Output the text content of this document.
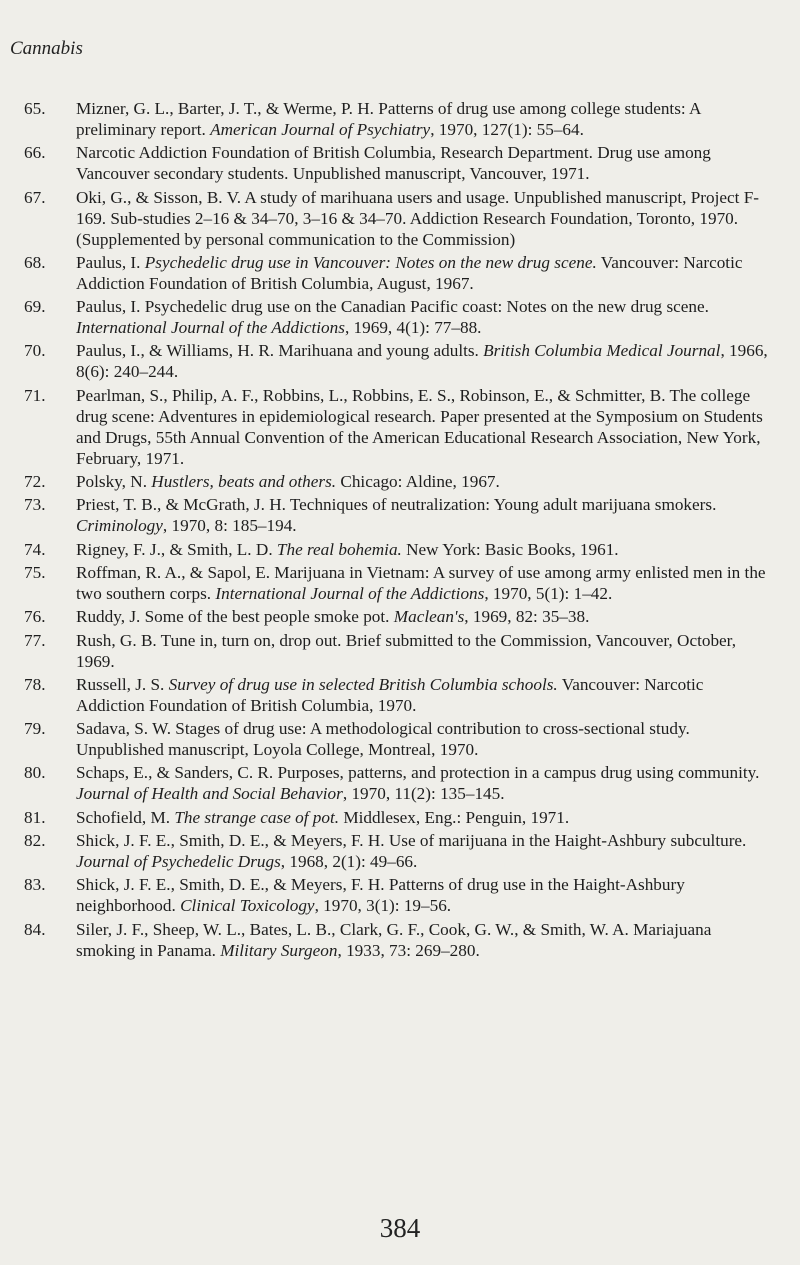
Cannabis
65.	Mizner, G. L., Barter, J. T., & Werme, P. H. Patterns of drug use among college students: A preliminary report. American Journal of Psychiatry, 1970, 127(1): 55–64.
66.	Narcotic Addiction Foundation of British Columbia, Research Department. Drug use among Vancouver secondary students. Unpublished manuscript, Vancouver, 1971.
67.	Oki, G., & Sisson, B. V. A study of marihuana users and usage. Unpublished manuscript, Project F-169. Sub-studies 2–16 & 34–70, 3–16 & 34–70. Addiction Research Foundation, Toronto, 1970. (Supplemented by personal communication to the Commission)
68.	Paulus, I. Psychedelic drug use in Vancouver: Notes on the new drug scene. Vancouver: Narcotic Addiction Foundation of British Columbia, August, 1967.
69.	Paulus, I. Psychedelic drug use on the Canadian Pacific coast: Notes on the new drug scene. International Journal of the Addictions, 1969, 4(1): 77–88.
70.	Paulus, I., & Williams, H. R. Marihuana and young adults. British Columbia Medical Journal, 1966, 8(6): 240–244.
71.	Pearlman, S., Philip, A. F., Robbins, L., Robbins, E. S., Robinson, E., & Schmitter, B. The college drug scene: Adventures in epidemiological research. Paper presented at the Symposium on Students and Drugs, 55th Annual Convention of the American Educational Research Association, New York, February, 1971.
72.	Polsky, N. Hustlers, beats and others. Chicago: Aldine, 1967.
73.	Priest, T. B., & McGrath, J. H. Techniques of neutralization: Young adult marijuana smokers. Criminology, 1970, 8: 185–194.
74.	Rigney, F. J., & Smith, L. D. The real bohemia. New York: Basic Books, 1961.
75.	Roffman, R. A., & Sapol, E. Marijuana in Vietnam: A survey of use among army enlisted men in the two southern corps. International Journal of the Addictions, 1970, 5(1): 1–42.
76.	Ruddy, J. Some of the best people smoke pot. Maclean's, 1969, 82: 35–38.
77.	Rush, G. B. Tune in, turn on, drop out. Brief submitted to the Commission, Vancouver, October, 1969.
78.	Russell, J. S. Survey of drug use in selected British Columbia schools. Vancouver: Narcotic Addiction Foundation of British Columbia, 1970.
79.	Sadava, S. W. Stages of drug use: A methodological contribution to cross-sectional study. Unpublished manuscript, Loyola College, Montreal, 1970.
80.	Schaps, E., & Sanders, C. R. Purposes, patterns, and protection in a campus drug using community. Journal of Health and Social Behavior, 1970, 11(2): 135–145.
81.	Schofield, M. The strange case of pot. Middlesex, Eng.: Penguin, 1971.
82.	Shick, J. F. E., Smith, D. E., & Meyers, F. H. Use of marijuana in the Haight-Ashbury subculture. Journal of Psychedelic Drugs, 1968, 2(1): 49–66.
83.	Shick, J. F. E., Smith, D. E., & Meyers, F. H. Patterns of drug use in the Haight-Ashbury neighborhood. Clinical Toxicology, 1970, 3(1): 19–56.
84.	Siler, J. F., Sheep, W. L., Bates, L. B., Clark, G. F., Cook, G. W., & Smith, W. A. Mariajuana smoking in Panama. Military Surgeon, 1933, 73: 269–280.
384
